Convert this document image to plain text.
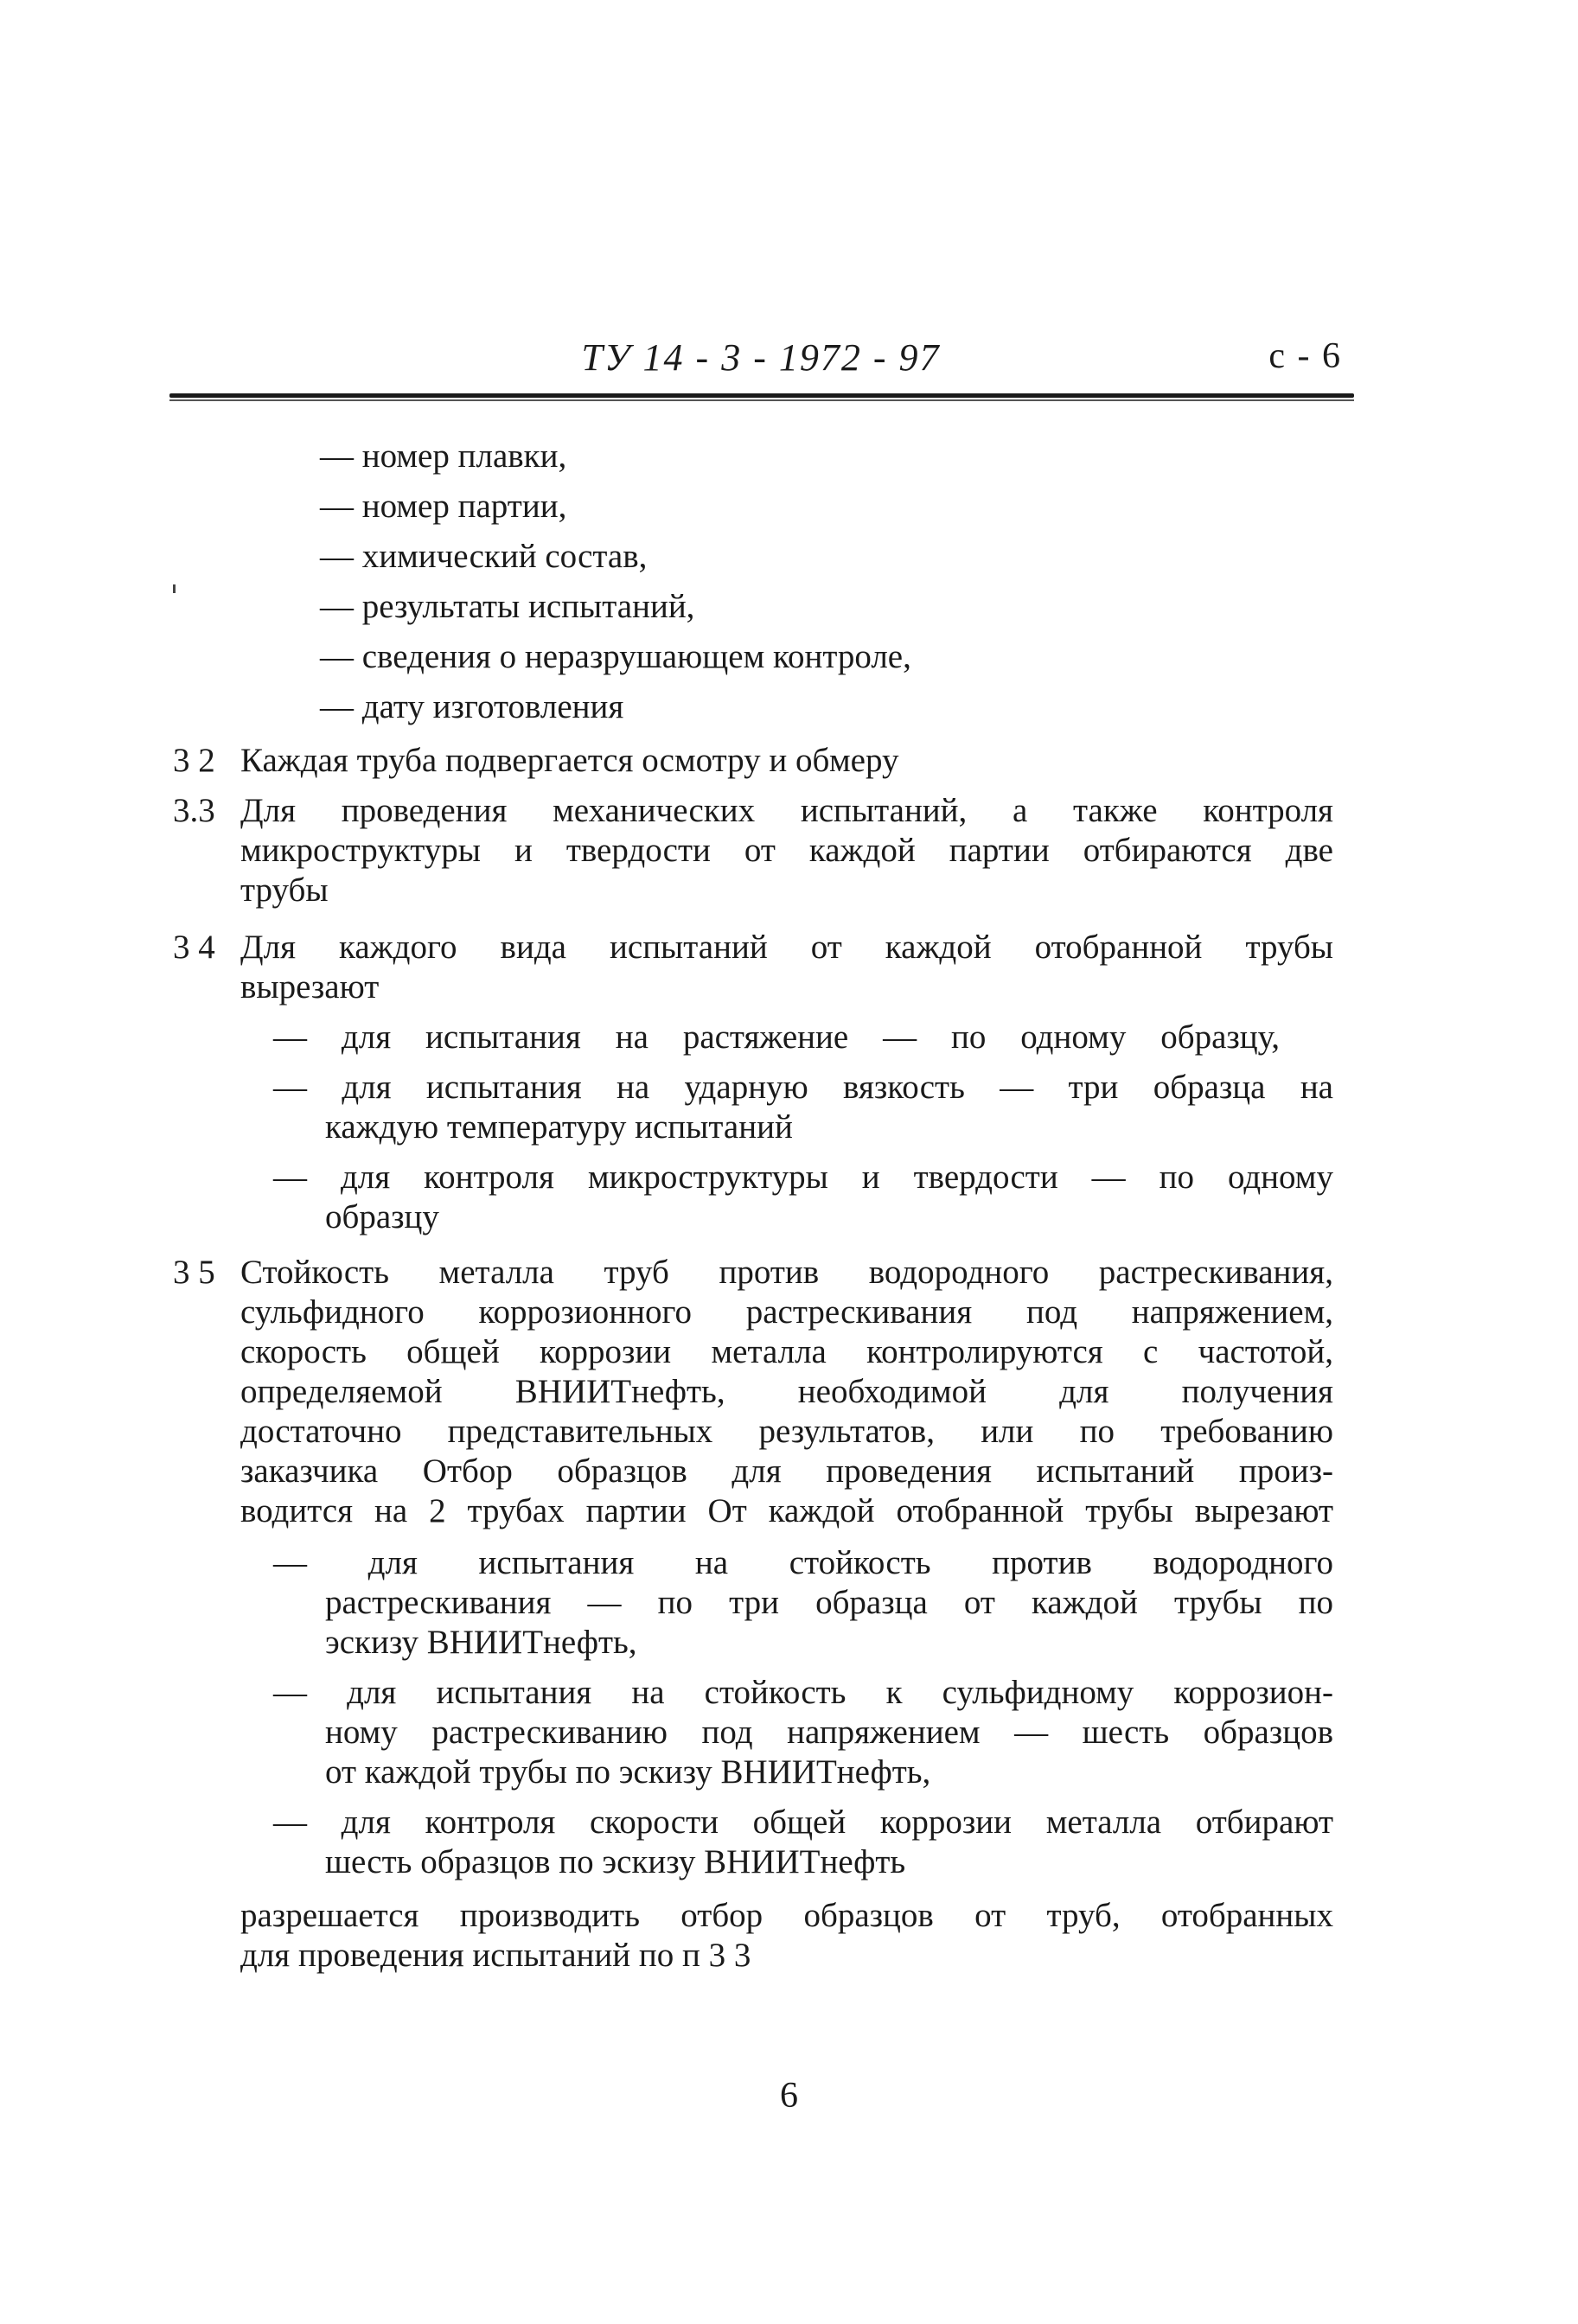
ТУ 14 - 3 - 1972 - 97	с - 6
— номер плавки,
— номер партии,
— химический состав,
— результаты испытаний,
— сведения о неразрушающем контроле,
— дату изготовления
3 2 Каждая труба подвергается осмотру и обмеру
3.3 Для проведения механических испытаний, а также контроля
микроструктуры и твердости от каждой партии отбираются две
трубы
3 4 Для каждого вида испытаний от каждой отобранной трубы
вырезают
— для испытания на растяжение — по одному образцу,
— для испытания на ударную вязкость — три образца на
каждую температуру испытаний
— для контроля микроструктуры и твердости — по одному
образцу
3 5 Стойкость металла труб против водородного растрескивания,
сульфидного коррозионного растрескивания под напряжением,
скорость общей коррозии металла контролируются с частотой,
определяемой ВНИИТнефть, необходимой для получения
достаточно представительных результатов, или по требованию
заказчика Отбор образцов для проведения испытаний произ-
водится на 2 трубах партии От каждой отобранной трубы вырезают
— для испытания на стойкость против водородного
растрескивания — по три образца от каждой трубы по
эскизу ВНИИТнефть,
— для испытания на стойкость к сульфидному коррозион-
ному растрескиванию под напряжением — шесть образцов
от каждой трубы по эскизу ВНИИТнефть,
— для контроля скорости общей коррозии металла отбирают
шесть образцов по эскизу ВНИИТнефть
разрешается производить отбор образцов от труб, отобранных
для проведения испытаний по п 3 3
6
